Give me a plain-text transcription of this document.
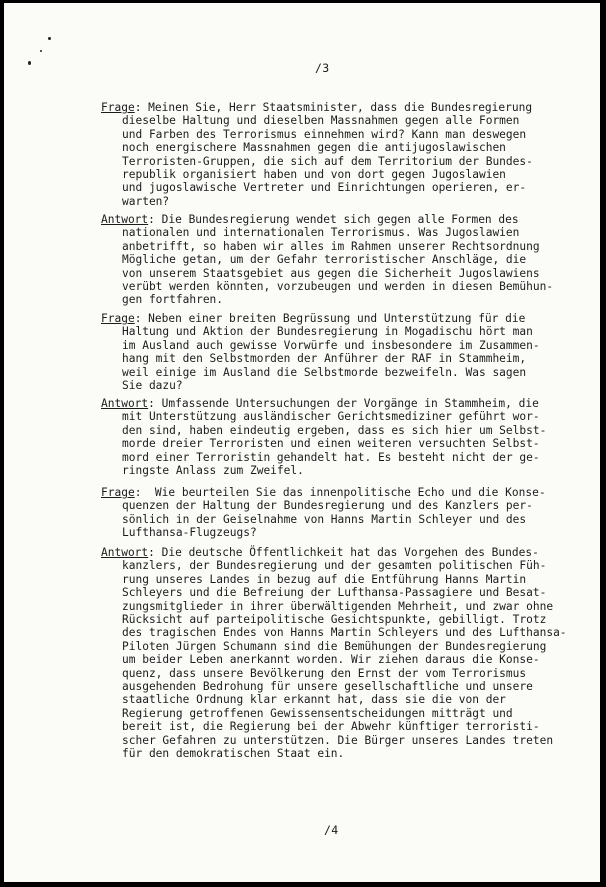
/3
Frage: Meinen Sie, Herr Staatsminister, dass die Bundesregierung
dieselbe Haltung und dieselben Massnahmen gegen alle Formen
und Farben des Terrorismus einnehmen wird? Kann man deswegen
noch energischere Massnahmen gegen die antijugoslawischen
Terroristen-Gruppen, die sich auf dem Territorium der Bundes-
republik organisiert haben und von dort gegen Jugoslawien
und jugoslawische Vertreter und Einrichtungen operieren, er-
warten?
Antwort: Die Bundesregierung wendet sich gegen alle Formen des
nationalen und internationalen Terrorismus. Was Jugoslawien
anbetrifft, so haben wir alles im Rahmen unserer Rechtsordnung
Mögliche getan, um der Gefahr terroristischer Anschläge, die
von unserem Staatsgebiet aus gegen die Sicherheit Jugoslawiens
verübt werden könnten, vorzubeugen und werden in diesen Bemühun-
gen fortfahren.
Frage: Neben einer breiten Begrüssung und Unterstützung für die
Haltung und Aktion der Bundesregierung in Mogadischu hört man
im Ausland auch gewisse Vorwürfe und insbesondere im Zusammen-
hang mit den Selbstmorden der Anführer der RAF in Stammheim,
weil einige im Ausland die Selbstmorde bezweifeln. Was sagen
Sie dazu?
Antwort: Umfassende Untersuchungen der Vorgänge in Stammheim, die
mit Unterstützung ausländischer Gerichtsmediziner geführt wor-
den sind, haben eindeutig ergeben, dass es sich hier um Selbst-
morde dreier Terroristen und einen weiteren versuchten Selbst-
mord einer Terroristin gehandelt hat. Es besteht nicht der ge-
ringste Anlass zum Zweifel.
Frage:  Wie beurteilen Sie das innenpolitische Echo und die Konse-
quenzen der Haltung der Bundesregierung und des Kanzlers per-
sönlich in der Geiselnahme von Hanns Martin Schleyer und des
Lufthansa-Flugzeugs?
Antwort: Die deutsche Öffentlichkeit hat das Vorgehen des Bundes-
kanzlers, der Bundesregierung und der gesamten politischen Füh-
rung unseres Landes in bezug auf die Entführung Hanns Martin
Schleyers und die Befreiung der Lufthansa-Passagiere und Besat-
zungsmitglieder in ihrer überwältigenden Mehrheit, und zwar ohne
Rücksicht auf parteipolitische Gesichtspunkte, gebilligt. Trotz
des tragischen Endes von Hanns Martin Schleyers und des Lufthansa-
Piloten Jürgen Schumann sind die Bemühungen der Bundesregierung
um beider Leben anerkannt worden. Wir ziehen daraus die Konse-
quenz, dass unsere Bevölkerung den Ernst der vom Terrorismus
ausgehenden Bedrohung für unsere gesellschaftliche und unsere
staatliche Ordnung klar erkannt hat, dass sie die von der
Regierung getroffenen Gewissensentscheidungen mitträgt und
bereit ist, die Regierung bei der Abwehr künftiger terroristi-
scher Gefahren zu unterstützen. Die Bürger unseres Landes treten
für den demokratischen Staat ein.
/4
